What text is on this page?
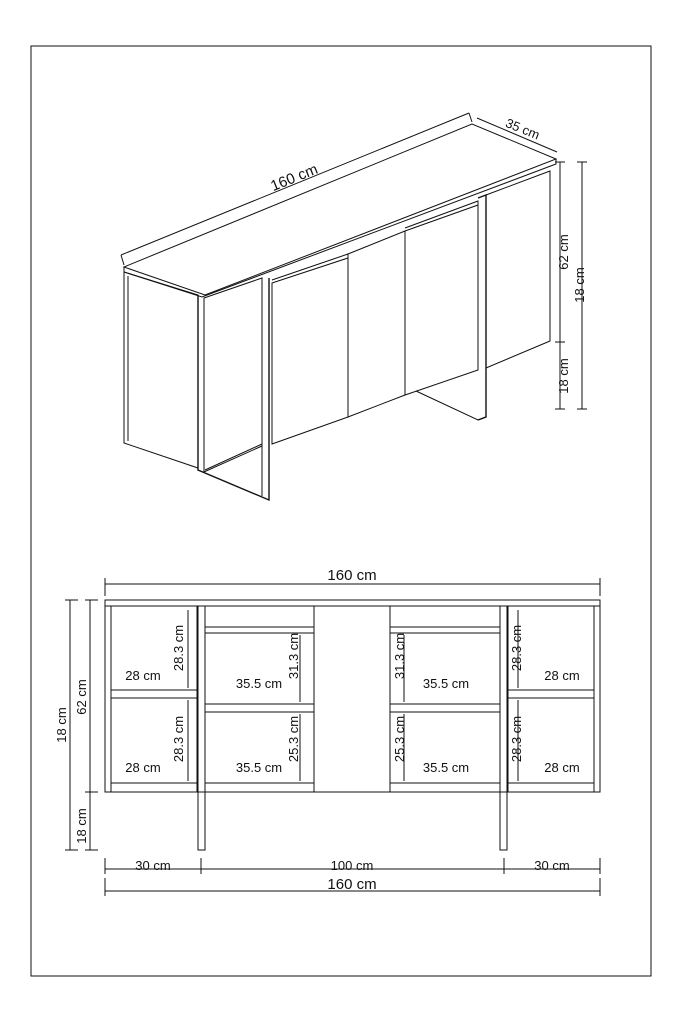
160 cm
35 cm
62 cm
18 cm
18 cm
160 cm
28 cm
28 cm
28 cm
28 cm
35.5 cm
35.5 cm
35.5 cm
35.5 cm
28.3 cm
28.3 cm
31.3 cm
25.3 cm
31.3 cm
25.3 cm
28.3 cm
28.3 cm
62 cm
18 cm
18 cm
30 cm	100 cm	30 cm
160 cm
